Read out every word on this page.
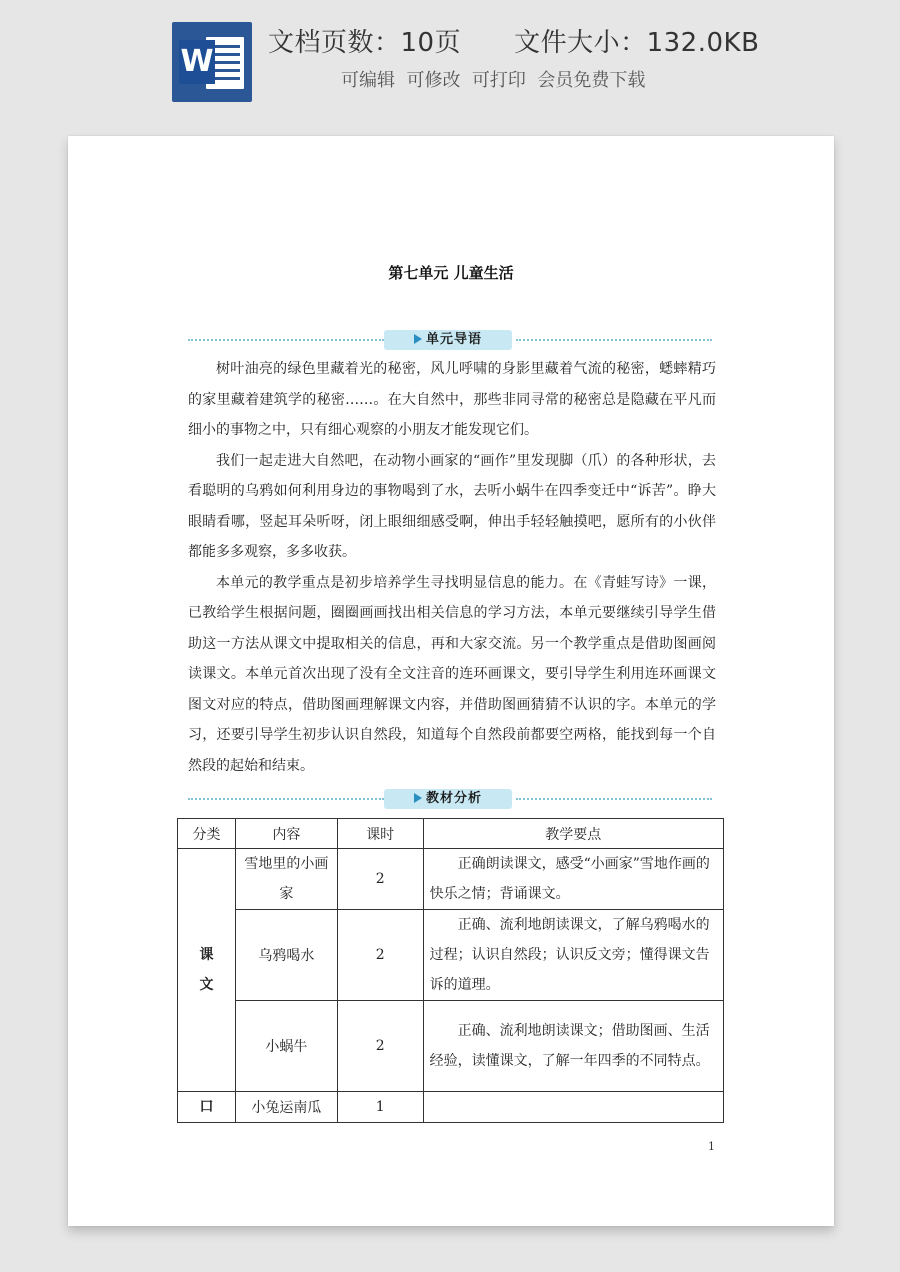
W
文档页数：10页　　文件大小：132.0KB
可编辑  可修改  可打印  会员免费下载
第七单元 儿童生活
单元导语

树叶油亮的绿色里藏着光的秘密，风儿呼啸的身影里藏着气流的秘密，蟋蟀精巧的家里藏着建筑学的秘密……。在大自然中，那些非同寻常的秘密总是隐藏在平凡而细小的事物之中，只有细心观察的小朋友才能发现它们。

我们一起走进大自然吧，在动物小画家的“画作”里发现脚（爪）的各种形状，去看聪明的乌鸦如何利用身边的事物喝到了水，去听小蜗牛在四季变迁中“诉苦”。睁大眼睛看哪，竖起耳朵听呀，闭上眼细细感受啊，伸出手轻轻触摸吧，愿所有的小伙伴都能多多观察，多多收获。

本单元的教学重点是初步培养学生寻找明显信息的能力。在《青蛙写诗》一课，已教给学生根据问题，圈圈画画找出相关信息的学习方法，本单元要继续引导学生借助这一方法从课文中提取相关的信息，再和大家交流。另一个教学重点是借助图画阅读课文。本单元首次出现了没有全文注音的连环画课文，要引导学生利用连环画课文图文对应的特点，借助图画理解课文内容，并借助图画猜猜不认识的字。本单元的学习，还要引导学生初步认识自然段，知道每个自然段前都要空两格，能找到每一个自然段的起始和结束。

教材分析
分类	内容	课时	教学要点
课文	雪地里的小画家	2	正确朗读课文，感受“小画家”雪地作画的快乐之情；背诵课文。

	乌鸦喝水	2	正确、流利地朗读课文，了解乌鸦喝水的过程；认识自然段；认识反文旁；懂得课文告诉的道理。

	小蜗牛	2	正确、流利地朗读课文；借助图画、生活经验，读懂课文，了解一年四季的不同特点。

口	小兔运南瓜	1	
1
